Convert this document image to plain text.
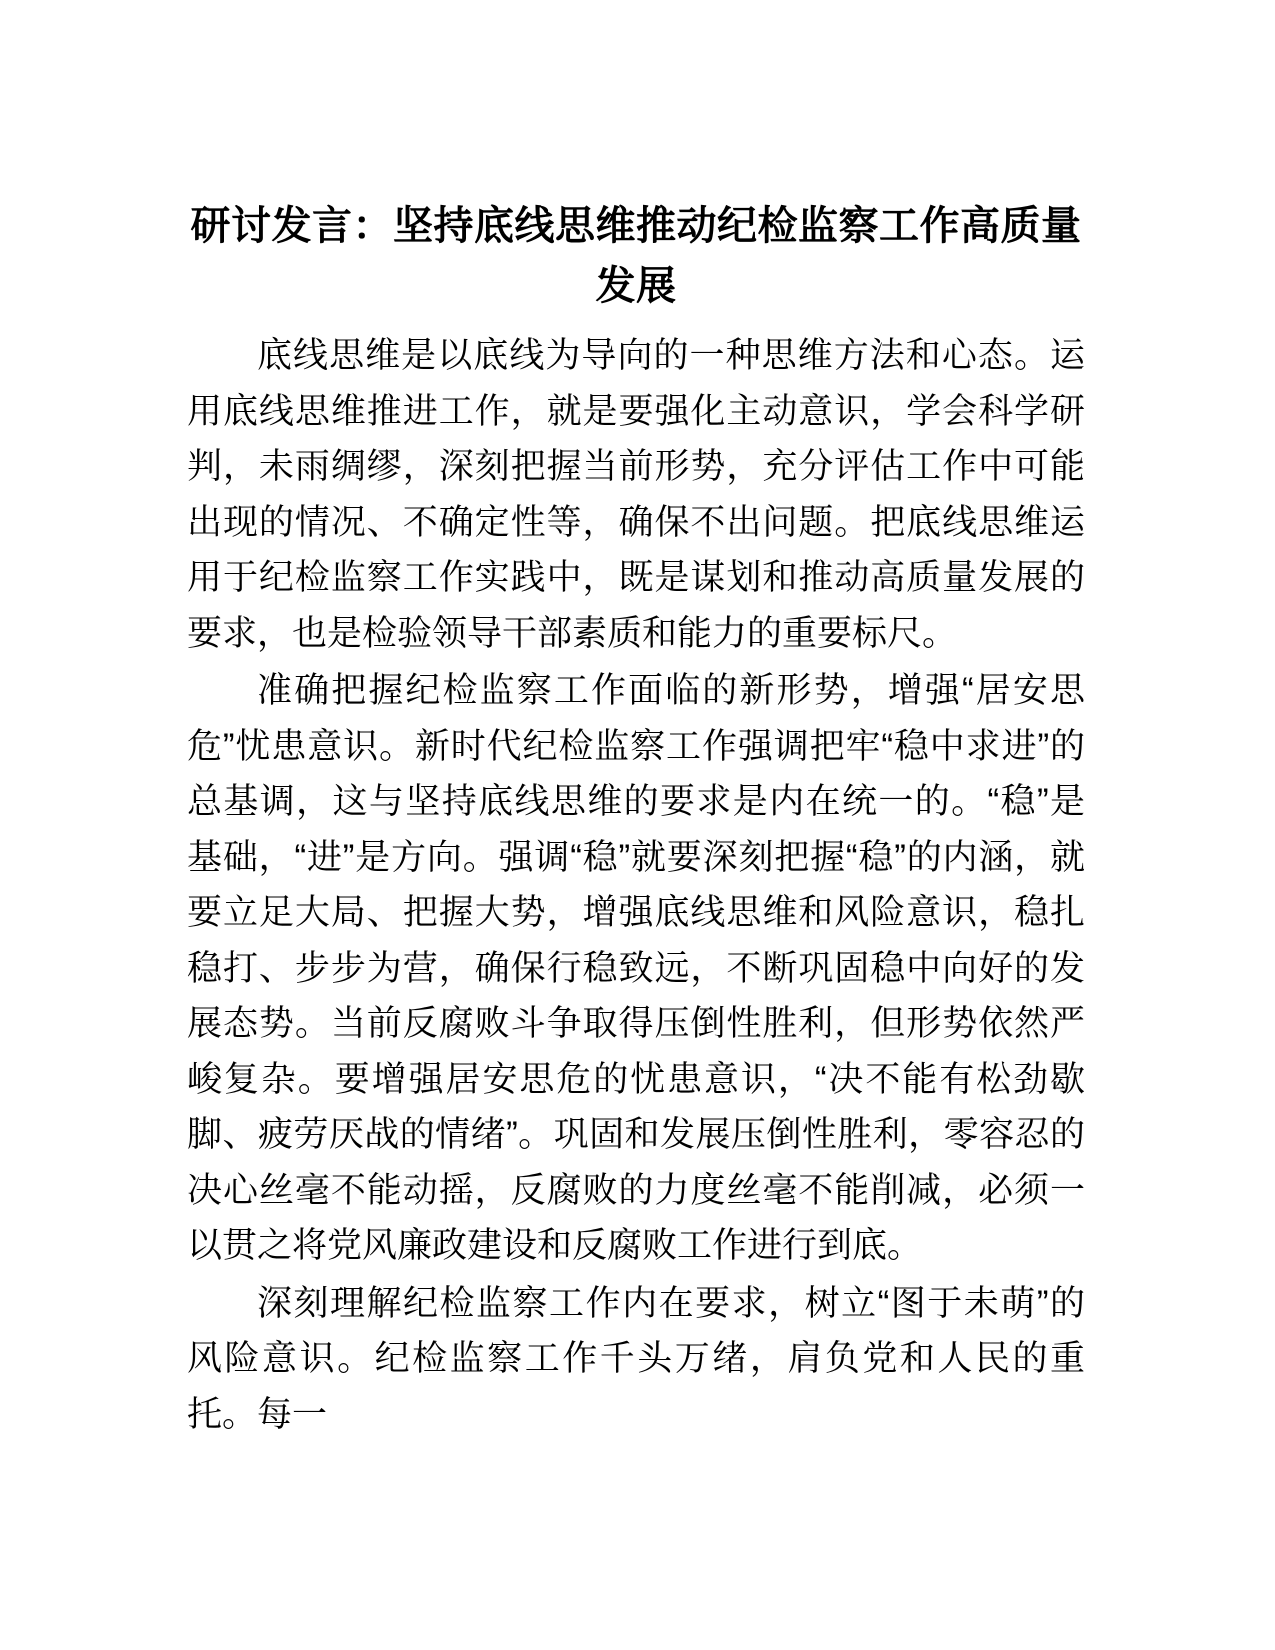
研讨发言：坚持底线思维推动纪检监察工作高质量发展

底线思维是以底线为导向的一种思维方法和心态。运用底线思维推进工作，就是要强化主动意识，学会科学研判，未雨绸缪，深刻把握当前形势，充分评估工作中可能出现的情况、不确定性等，确保不出问题。把底线思维运用于纪检监察工作实践中，既是谋划和推动高质量发展的要求，也是检验领导干部素质和能力的重要标尺。

准确把握纪检监察工作面临的新形势，增强“居安思危”忧患意识。新时代纪检监察工作强调把牢“稳中求进”的总基调，这与坚持底线思维的要求是内在统一的。“稳”是基础，“进”是方向。强调“稳”就要深刻把握“稳”的内涵，就要立足大局、把握大势，增强底线思维和风险意识，稳扎稳打、步步为营，确保行稳致远，不断巩固稳中向好的发展态势。当前反腐败斗争取得压倒性胜利，但形势依然严峻复杂。要增强居安思危的忧患意识，“决不能有松劲歇脚、疲劳厌战的情绪”。巩固和发展压倒性胜利，零容忍的决心丝毫不能动摇，反腐败的力度丝毫不能削减，必须一以贯之将党风廉政建设和反腐败工作进行到底。

深刻理解纪检监察工作内在要求，树立“图于未萌”的风险意识。纪检监察工作千头万绪，肩负党和人民的重托。每一
